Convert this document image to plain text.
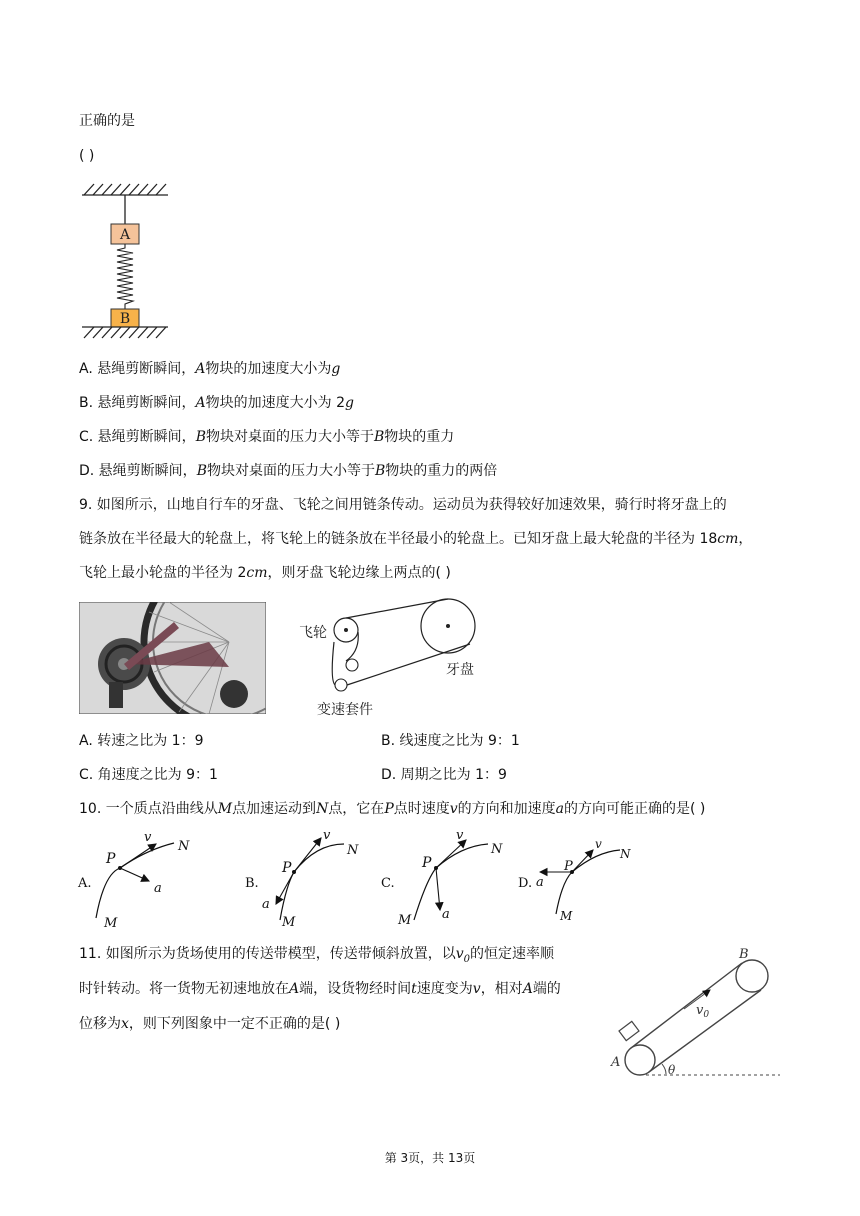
正确的是
( )
A
B
A. 悬绳剪断瞬间，A物块的加速度大小为g
B. 悬绳剪断瞬间，A物块的加速度大小为 2g
C. 悬绳剪断瞬间，B物块对桌面的压力大小等于B物块的重力
D. 悬绳剪断瞬间，B物块对桌面的压力大小等于B物块的重力的两倍
9. 如图所示，山地自行车的牙盘、飞轮之间用链条传动。运动员为获得较好加速效果，骑行时将牙盘上的
链条放在半径最大的轮盘上，将飞轮上的链条放在半径最小的轮盘上。已知牙盘上最大轮盘的半径为 18cm，
飞轮上最小轮盘的半径为 2cm，则牙盘飞轮边缘上两点的( )
飞轮
牙盘
变速套件
A. 转速之比为 1：9	B. 线速度之比为 9：1
C. 角速度之比为 9：1	D. 周期之比为 1：9
10. 一个质点沿曲线从M点加速运动到N点，它在P点时速度v的方向和加速度a的方向可能正确的是( )
A.
P
v
N
a
M
B.
P
v
N
a
M
C.
P
v
N
a
M
D.
P
v
N
a
M
11. 如图所示为货场使用的传送带模型，传送带倾斜放置，以$v_0$的恒定速率顺
时针转动。将一货物无初速地放在A端，设货物经时间t速度变为v，相对A端的
位移为x，则下列图象中一定不正确的是( )
$v_0$
A
B
θ
第 3页，共 13页
